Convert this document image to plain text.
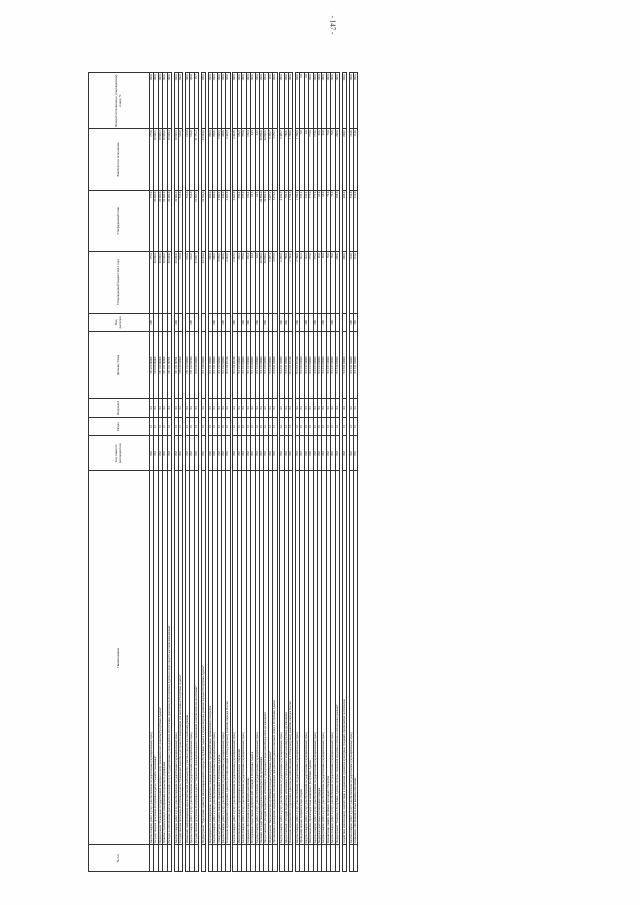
- 147 -
№ п/п	Наименование	Код главного распорядителя	Раздел	Подраздел	Целевая статья	Вид расходов	Утвержденный бюджет 2022 года	Утвержденный план	Фактическое исполнение	Процент исполнения к утвержденному плану, %
	Закупка товаров, работ и услуг для обеспечения государственных (муниципальных) нужд	863	12	04	5Е 4 04 90000	200	175,0	175,0	175,0	100,0
	Государственная программа Республики Адыгея "Развитие экономики"	863	12	04	5Е 0 00 00000		20 000,0	20 000,0	19 999,5	100,0
	Подпрограмма "Реализация государственной политики в сфере экономического развития Республики Адыгея"	863	12	04	5Е 1 00 00000		20 000,0	20 000,0	19 999,5	100,0
	Развитие стратегического планирования и проектного управления	863	12	04	5Е 1 01 00000		20 000,0	20 000,0	19 999,5	100,0
	Расходы на обеспечение деятельности (оказание услуг) государственных учреждений по обеспечению деятельности Республики Адыгея в сфере средств массовой информации	863	12	04	5Е 1 01 90704		20 000,0	20 000,0	19 999,5	100,0

	Закупка товаров, работ и услуг для обеспечения государственных (муниципальных) нужд	863	12	04	5Е 1 01 90704	200	20 000,0	20 000,0	19 999,5	100,0
	Государственная программа Республики Адыгея "Повышение качества и доступности информации для населения в Республике Адыгея"	863	12	04	5Н 0 00 00000		510,0	510,0	510,0	100,0

	Повышение информационно-просветительской деятельности с участием средств массовой информации	863	12	04	5Н 1 02 00000		510,0	510,0	510,0	100,0
	Закупка товаров, работ и услуг для обеспечения государственных (муниципальных) нужд	863	12	04	5Н 1 02 80300	200	510,0	510,0	510,0	100,0
	Государственная программа Республики Адыгея "Управление межнациональными отношениями и патриотическое воспитание"	863	12	04	5О 0 00 00000		51 905,7	51 905,7	51 731,2	99,7

	Подпрограмма "Укрепление единства многонационального народа Республики Адыгея и этнокультурное развитие народов Республики Адыгея"	863	12	04	5О 1 00 00000		24 504,6	24 504,6	24 504,6	100,0

	Мероприятия по формированию толерантного сознания молодежи, противодействию проявлениям ксенофобии	863	12	04	5О 1 01 00000		200,0	200,0	200,0	100,0
	Закупка товаров, работ и услуг для обеспечения государственных (муниципальных) нужд	863	12	04	5О 1 01 00000	200	200,0	200,0	200,0	100,0
	Этнокультурное развитие народов, проживающих в Республике Адыгея	863	12	04	5О 1 02 00000		2 999,9	2 999,9	2 999,9	100,0
	Закупка товаров, работ и услуг для обеспечения государственных (муниципальных) нужд	863	12	04	5О 1 02 00000	200	446,0	446,0	446,0	100,0
	Реализация мероприятий по укреплению единства российской нации и этнокультурному развитию народов России	863	12	04	5О 1 02 R5160		2 463,9	2 463,9	2 463,9	100,0

	Закупка товаров, работ и услуг для обеспечения государственных (муниципальных) нужд	863	12	04	5О 1 02 R5160	200	2 463,9	2 463,9	2 463,9	100,0
	Информационная кампания по гармонизации межнациональных отношений	863	12	04	5О 1 03 00000		550,2	550,2	550,2	100,0
	Закупка товаров, работ и услуг для обеспечения государственных (муниципальных) нужд	863	12	04	5О 1 03 00000	200	375,0	375,0	375,0	100,0
	Социальное обеспечение и иные выплаты населению	863	12	04	5О 1 03 00000	300	156,4	156,4	156,4	100,0
	Исследование общественно-политической ситуации в Республике Адыгея	863	12	04	5О 1 04 00000		64,5	64,5	64,5	100,0
	Закупка товаров, работ и услуг для обеспечения государственных (муниципальных) нужд	863	12	04	5О 1 04 00000	200	64,5	64,5	64,5	100,0
	Оказание государственной поддержки некоммерческим организациям	863	12	04	5О 1 05 00000		20 800,0	20 800,0	20 800,0	100,0
	Предоставление субсидий бюджетным, автономным учреждениям и иным некоммерческим организациям	863	12	04	5О 1 05 00000	600	20 800,0	20 800,0	20 800,0	100,0
	Подпрограмма "Патриотическое воспитание граждан Республики Адыгея"	863	12	04	5О 2 00 00000		5 407,1	5 407,1	5 326,7	98,5
	Организация и проведение мероприятий, посвященных праздничным дням и памятным датам в Республике Адыгея	863	12	04	5О 2 01 00000		3 279,9	3 279,9	3 279,7	100,0

	Закупка товаров, работ и услуг для обеспечения государственных (муниципальных) нужд	863	12	04	5О 2 01 00000	200	2 499,9	2 499,9	2 499,7	100,0
	Предоставление субсидий бюджетным, автономным учреждениям и иным некоммерческим организациям	863	12	04	5О 2 01 00000	600	780,0	780,0	780,0	100,0
	Реализация мероприятий по укреплению единства российской нации и этнокультурному развитию народов России	863	12	04	5О 2 01 R5160		1 760,0	1 760,0	1 760,0	100,0

	Закупка товаров, работ и услуг для обеспечения государственных (муниципальных) нужд	863	12	04	5О 2 01 R5160	200	1 760,0	1 760,0	1 760,0	100,0
	Проведение военно-патриотических сборов	863	12	04	5О 2 02 00000		122,2	122,2	0,0	0,0
	Закупка товаров, работ и услуг для обеспечения государственных (муниципальных) нужд	863	12	04	5О 2 02 90000	200	122,2	122,2	0,0	0,0
	Информационно-пропагандистская кампания в Республике Адыгея	863	12	04	5О 2 03 00000		175,0	175,0	175,0	100,0
	Закупка товаров, работ и услуг для обеспечения государственных (муниципальных) нужд	863	12	04	5О 2 03 00000	200	175,0	175,0	175,0	100,0
	Поддержка деятельности поисковых отрядов	863	12	04	5О 2 04 00000		65,0	65,0	65,0	100,0
	Закупка товаров, работ и услуг для обеспечения государственных (муниципальных) нужд	863	12	04	5О 2 04 00000	200	65,0	65,0	65,0	100,0
	Увековечение памяти погибших при защите Отечества	863	12	04	5О 2 05 00000		70,0	70,0	70,0	100,0
	Закупка товаров, работ и услуг для обеспечения государственных (муниципальных) нужд	863	12	04	5О 2 05 00000	200	70,0	70,0	70,0	100,0
	Подпрограмма "Развитие в Республике Адыгея системы социальной поддержки членов семей военнослужащих"	863	12	04	5О 3 00 00000		268,0	268,0	268,0	100,0

	Содействие комплексному соответствию в сохранении и развитии культурных традиций, профилактике экстремизма	863	12	04	5О 3 01 00000		268,0	268,0	268,0	100,0

	Закупка товаров, работ и услуг для обеспечения государственных (муниципальных) нужд	863	12	04	5О 3 01 00000	200	154,0	154,0	154,0	100,0
	Социальное обеспечение и иные выплаты населению	863	12	04	5О 3 01 00000	300	114,0	114,0	114,0	100,0
